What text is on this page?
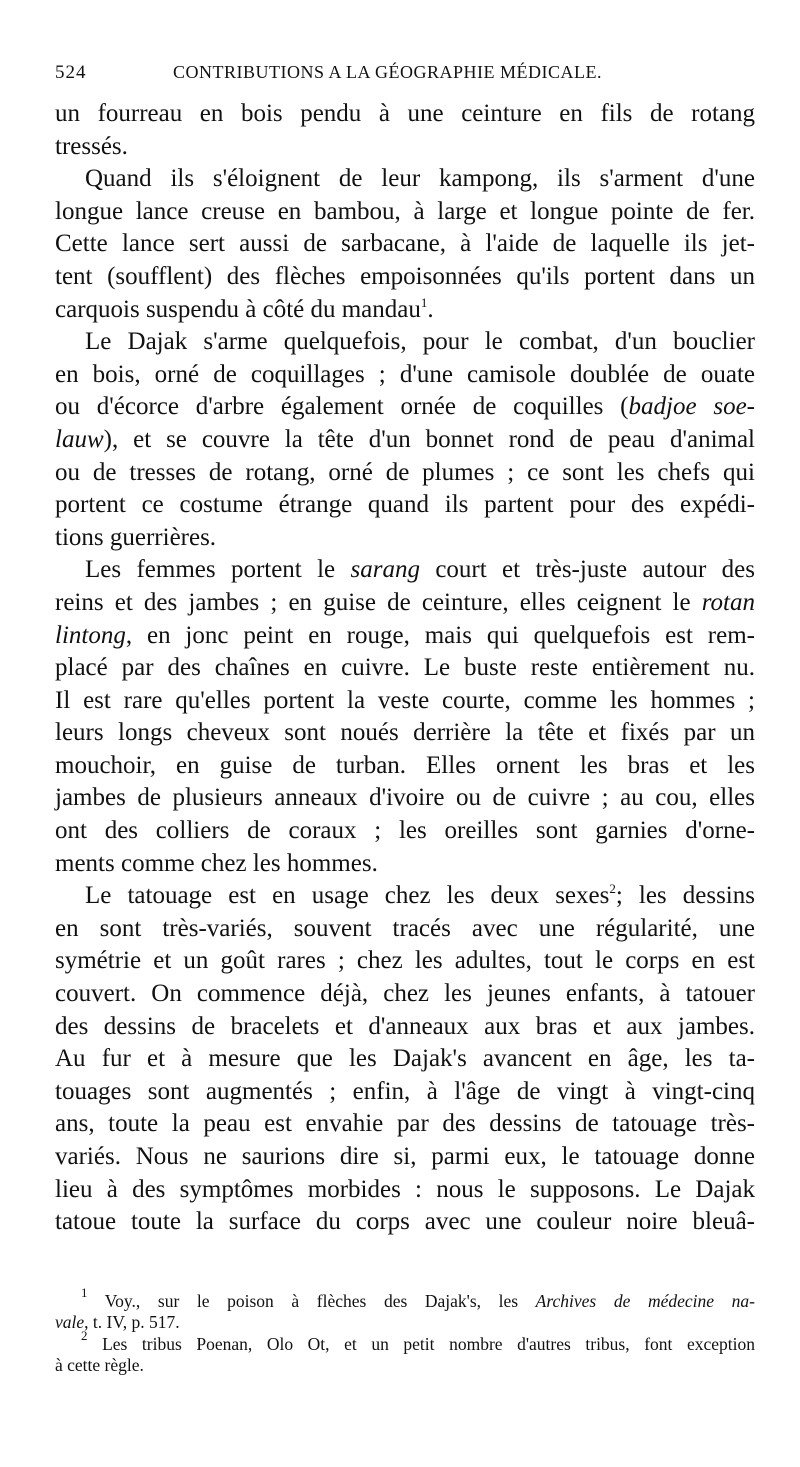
524	CONTRIBUTIONS A LA GÉOGRAPHIE MÉDICALE.
un fourreau en bois pendu à une ceinture en fils de rotang
tressés.
Quand ils s'éloignent de leur kampong, ils s'arment d'une
longue lance creuse en bambou, à large et longue pointe de fer.
Cette lance sert aussi de sarbacane, à l'aide de laquelle ils jet-
tent (soufflent) des flèches empoisonnées qu'ils portent dans un
carquois suspendu à côté du mandau$^1$.
Le Dajak s'arme quelquefois, pour le combat, d'un bouclier
en bois, orné de coquillages ; d'une camisole doublée de ouate
ou d'écorce d'arbre également ornée de coquilles (badjoe soe-
lauw), et se couvre la tête d'un bonnet rond de peau d'animal
ou de tresses de rotang, orné de plumes ; ce sont les chefs qui
portent ce costume étrange quand ils partent pour des expédi-
tions guerrières.
Les femmes portent le sarang court et très-juste autour des
reins et des jambes ; en guise de ceinture, elles ceignent le rotan
lintong, en jonc peint en rouge, mais qui quelquefois est rem-
placé par des chaînes en cuivre. Le buste reste entièrement nu.
Il est rare qu'elles portent la veste courte, comme les hommes ;
leurs longs cheveux sont noués derrière la tête et fixés par un
mouchoir, en guise de turban. Elles ornent les bras et les
jambes de plusieurs anneaux d'ivoire ou de cuivre ; au cou, elles
ont des colliers de coraux ; les oreilles sont garnies d'orne-
ments comme chez les hommes.
Le tatouage est en usage chez les deux sexes$^2$; les dessins
en sont très-variés, souvent tracés avec une régularité, une
symétrie et un goût rares ; chez les adultes, tout le corps en est
couvert. On commence déjà, chez les jeunes enfants, à tatouer
des dessins de bracelets et d'anneaux aux bras et aux jambes.
Au fur et à mesure que les Dajak's avancent en âge, les ta-
touages sont augmentés ; enfin, à l'âge de vingt à vingt-cinq
ans, toute la peau est envahie par des dessins de tatouage très-
variés. Nous ne saurions dire si, parmi eux, le tatouage donne
lieu à des symptômes morbides : nous le supposons. Le Dajak
tatoue toute la surface du corps avec une couleur noire bleuâ-
$^1$ Voy., sur le poison à flèches des Dajak's, les Archives de médecine na-
vale, t. IV, p. 517.
$^2$ Les tribus Poenan, Olo Ot, et un petit nombre d'autres tribus, font exception
à cette règle.
